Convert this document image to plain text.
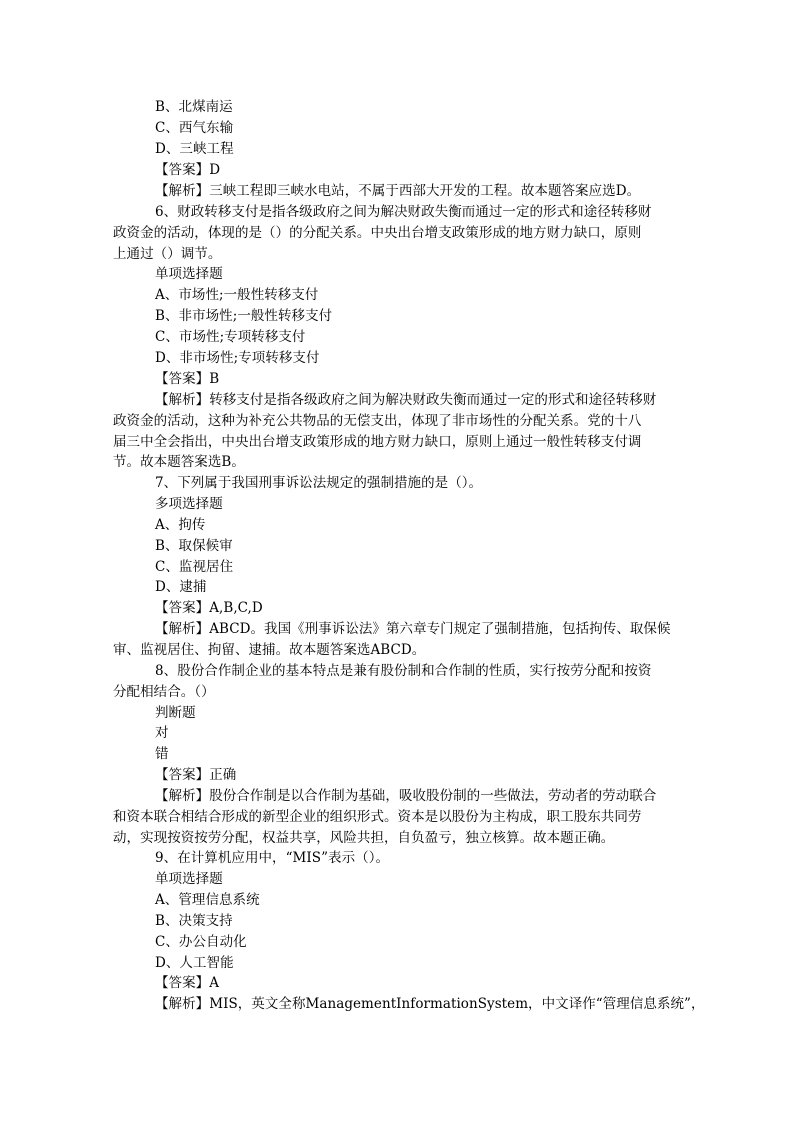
B、北煤南运
C、西气东输
D、三峡工程
【答案】D
【解析】三峡工程即三峡水电站，不属于西部大开发的工程。故本题答案应选D。
6、财政转移支付是指各级政府之间为解决财政失衡而通过一定的形式和途径转移财
政资金的活动，体现的是（）的分配关系。中央出台增支政策形成的地方财力缺口，原则
上通过（）调节。
单项选择题
A、市场性;一般性转移支付
B、非市场性;一般性转移支付
C、市场性;专项转移支付
D、非市场性;专项转移支付
【答案】B
【解析】转移支付是指各级政府之间为解决财政失衡而通过一定的形式和途径转移财
政资金的活动，这种为补充公共物品的无偿支出，体现了非市场性的分配关系。党的十八
届三中全会指出，中央出台增支政策形成的地方财力缺口，原则上通过一般性转移支付调
节。故本题答案选B。
7、下列属于我国刑事诉讼法规定的强制措施的是（）。
多项选择题
A、拘传
B、取保候审
C、监视居住
D、逮捕
【答案】A,B,C,D
【解析】ABCD。我国《刑事诉讼法》第六章专门规定了强制措施，包括拘传、取保候
审、监视居住、拘留、逮捕。故本题答案选ABCD。
8、股份合作制企业的基本特点是兼有股份制和合作制的性质，实行按劳分配和按资
分配相结合。（）
判断题
对
错
【答案】正确
【解析】股份合作制是以合作制为基础，吸收股份制的一些做法，劳动者的劳动联合
和资本联合相结合形成的新型企业的组织形式。资本是以股份为主构成，职工股东共同劳
动，实现按资按劳分配，权益共享，风险共担，自负盈亏，独立核算。故本题正确。
9、在计算机应用中，“MIS”表示（）。
单项选择题
A、管理信息系统
B、决策支持
C、办公自动化
D、人工智能
【答案】A
【解析】MIS，英文全称ManagementInformationSystem，中文译作“管理信息系统”，
